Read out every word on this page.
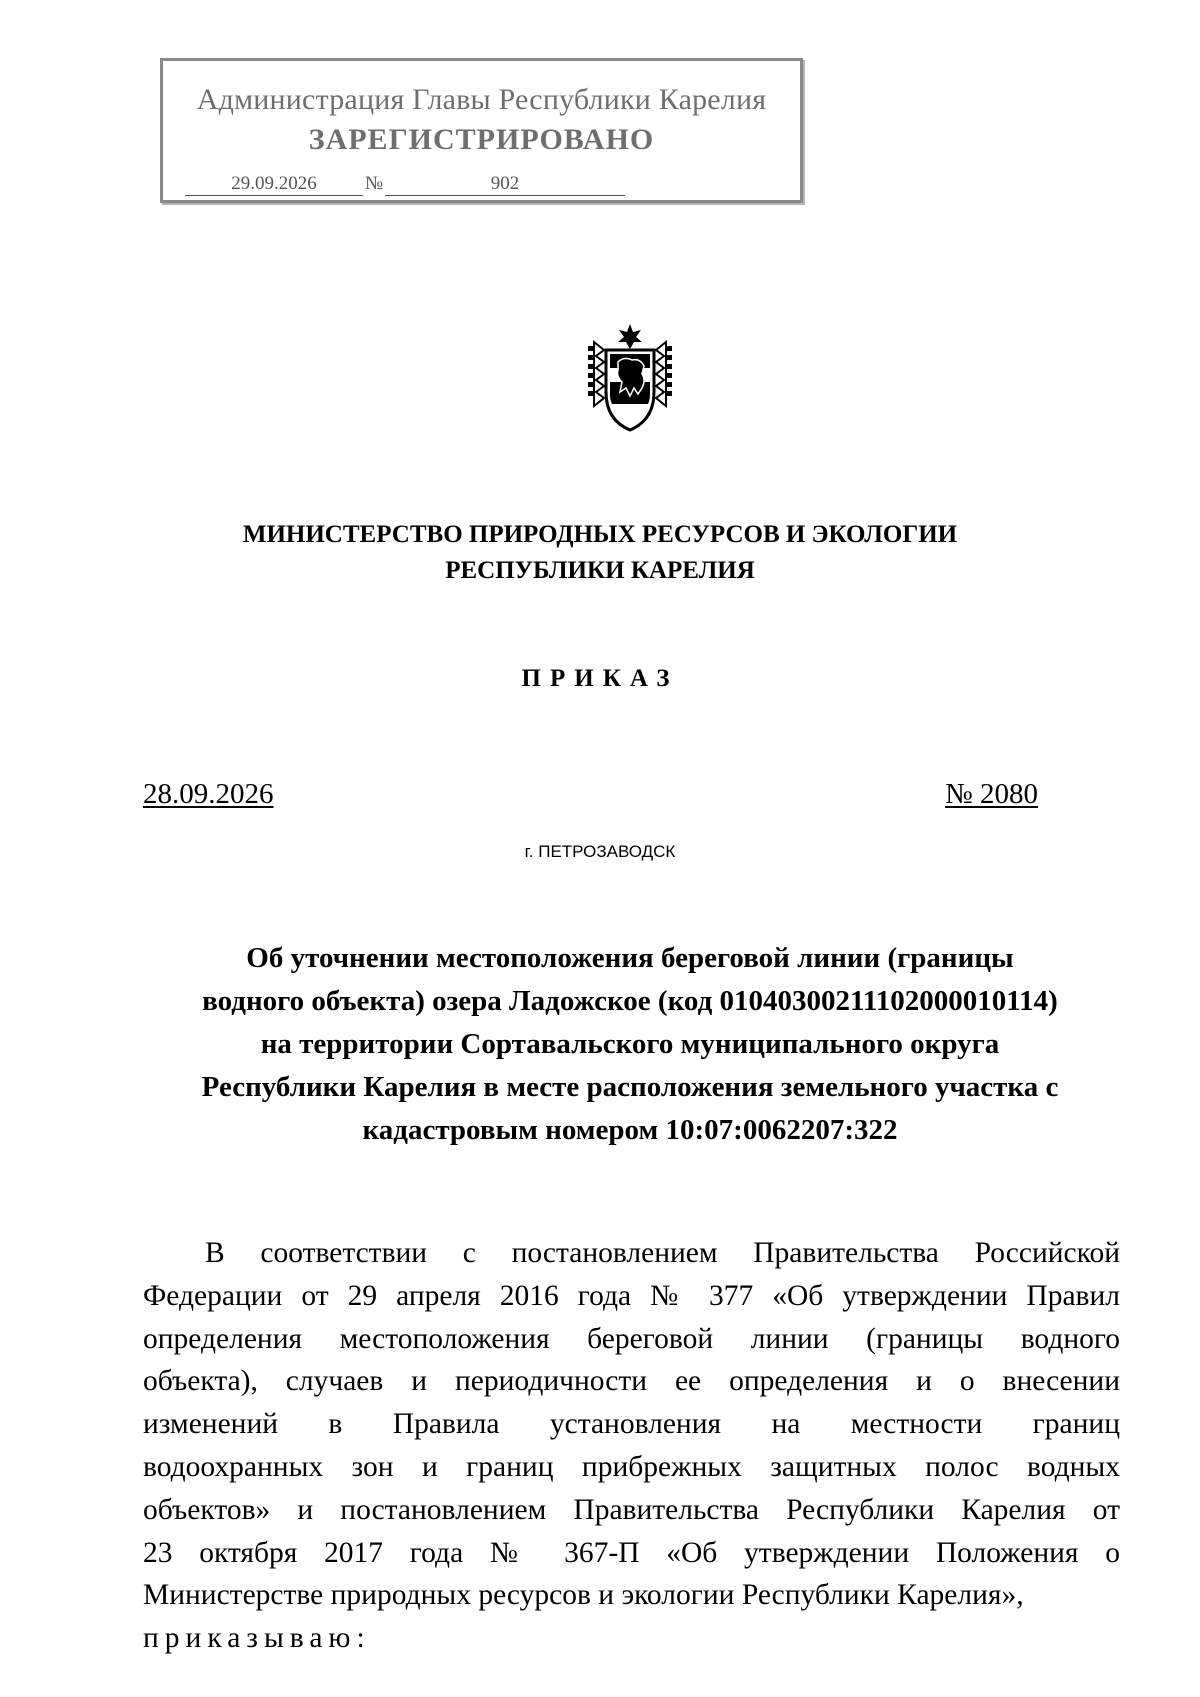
Администрация Главы Республики Карелия
ЗАРЕГИСТРИРОВАНО
29.09.2026	№	902
МИНИСТЕРСТВО ПРИРОДНЫХ РЕСУРСОВ И ЭКОЛОГИИ
РЕСПУБЛИКИ КАРЕЛИЯ
ПРИКАЗ
28.09.2026	№ 2080
г. ПЕТРОЗАВОДСК
Об уточнении местоположения береговой линии (границы
водного объекта) озера Ладожское (код 01040300211102000010114)
на территории Сортавальского муниципального округа
Республики Карелия в месте расположения земельного участка с
кадастровым номером 10:07:0062207:322
В соответствии с постановлением Правительства Российской
Федерации от 29 апреля 2016 года № 377 «Об утверждении Правил
определения местоположения береговой линии (границы водного
объекта), случаев и периодичности ее определения и о внесении
изменений в Правила установления на местности границ
водоохранных зон и границ прибрежных защитных полос водных
объектов» и постановлением Правительства Республики Карелия от
23 октября 2017 года № 367-П «Об утверждении Положения о
Министерстве природных ресурсов и экологии Республики Карелия»,
приказываю:
